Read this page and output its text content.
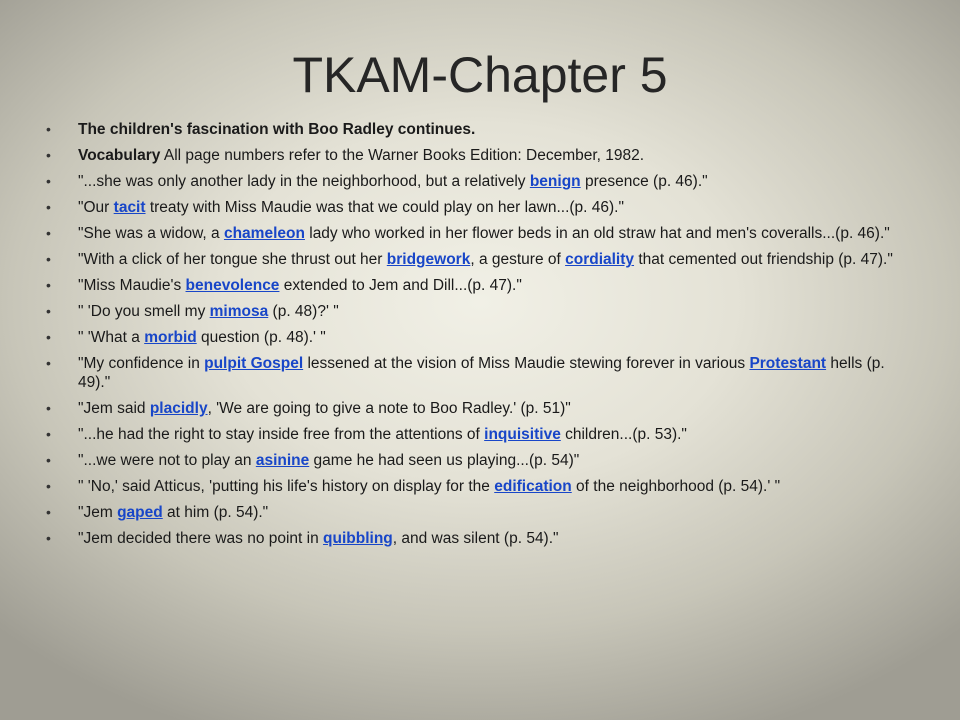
TKAM-Chapter 5
• The children's fascination with Boo Radley continues.
• Vocabulary All page numbers refer to the Warner Books Edition: December, 1982.
• "...she was only another lady in the neighborhood, but a relatively benign presence (p. 46)."
• "Our tacit treaty with Miss Maudie was that we could play on her lawn...(p. 46)."
• "She was a widow, a chameleon lady who worked in her flower beds in an old straw hat and men's coveralls...(p. 46)."
• "With a click of her tongue she thrust out her bridgework, a gesture of cordiality that cemented out friendship (p. 47)."
• "Miss Maudie's benevolence extended to Jem and Dill...(p. 47)."
• " 'Do you smell my mimosa (p. 48)?' "
• " 'What a morbid question (p. 48).' "
• "My confidence in pulpit Gospel lessened at the vision of Miss Maudie stewing forever in various Protestant hells (p. 49)."
• "Jem said placidly, 'We are going to give a note to Boo Radley.' (p. 51)"
• "...he had the right to stay inside free from the attentions of inquisitive children...(p. 53)."
• "...we were not to play an asinine game he had seen us playing...(p. 54)"
• " 'No,' said Atticus, 'putting his life's history on display for the edification of the neighborhood (p. 54).' "
• "Jem gaped at him (p. 54)."
• "Jem decided there was no point in quibbling, and was silent (p. 54)."
